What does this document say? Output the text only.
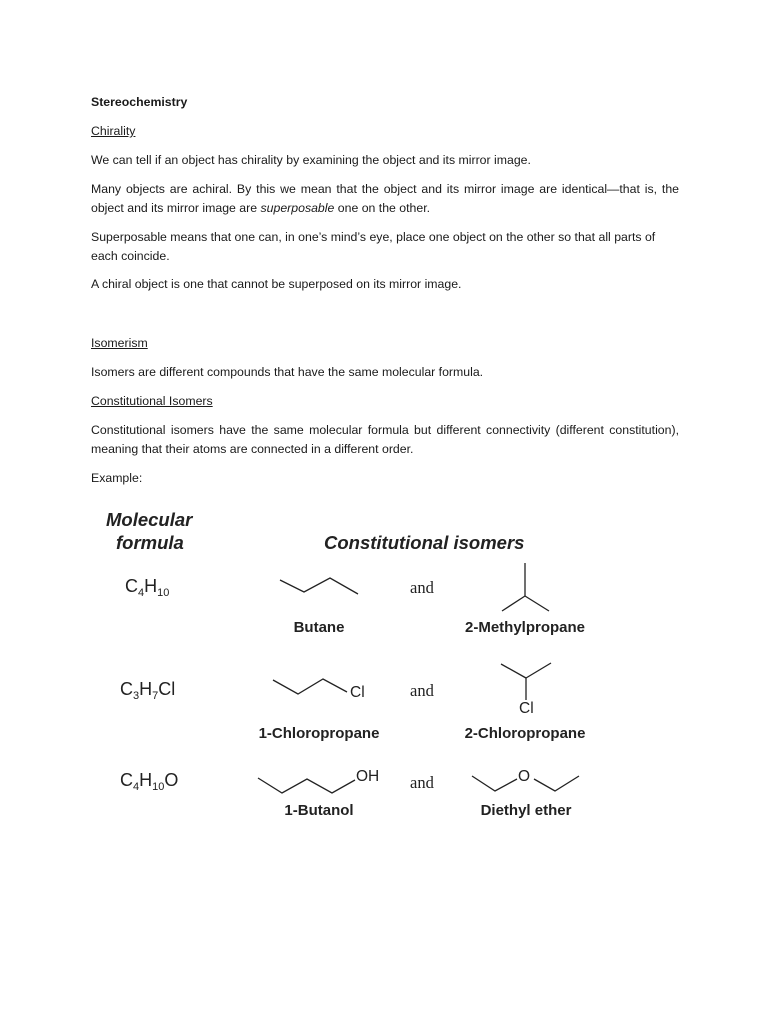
Stereochemistry
Chirality
We can tell if an object has chirality by examining the object and its mirror image.
Many objects are achiral. By this we mean that the object and its mirror image are identical—that is, the object and its mirror image are superposable one on the other.
Superposable means that one can, in one’s mind’s eye, place one object on the other so that all parts of each coincide.
A chiral object is one that cannot be superposed on its mirror image.
Isomerism
Isomers are different compounds that have the same molecular formula.
Constitutional Isomers
Constitutional isomers have the same molecular formula but different connectivity (different constitution), meaning that their atoms are connected in a different order.
Example:
Molecular
formula	Constitutional isomers
$C_4H_{10}$	and
Butane	2-Methylpropane
$C_3H_7Cl$	and
Cl
Cl
1-Chloropropane	2-Chloropropane
$C_4H_{10}O$	and
OH	O
1-Butanol	Diethyl ether
